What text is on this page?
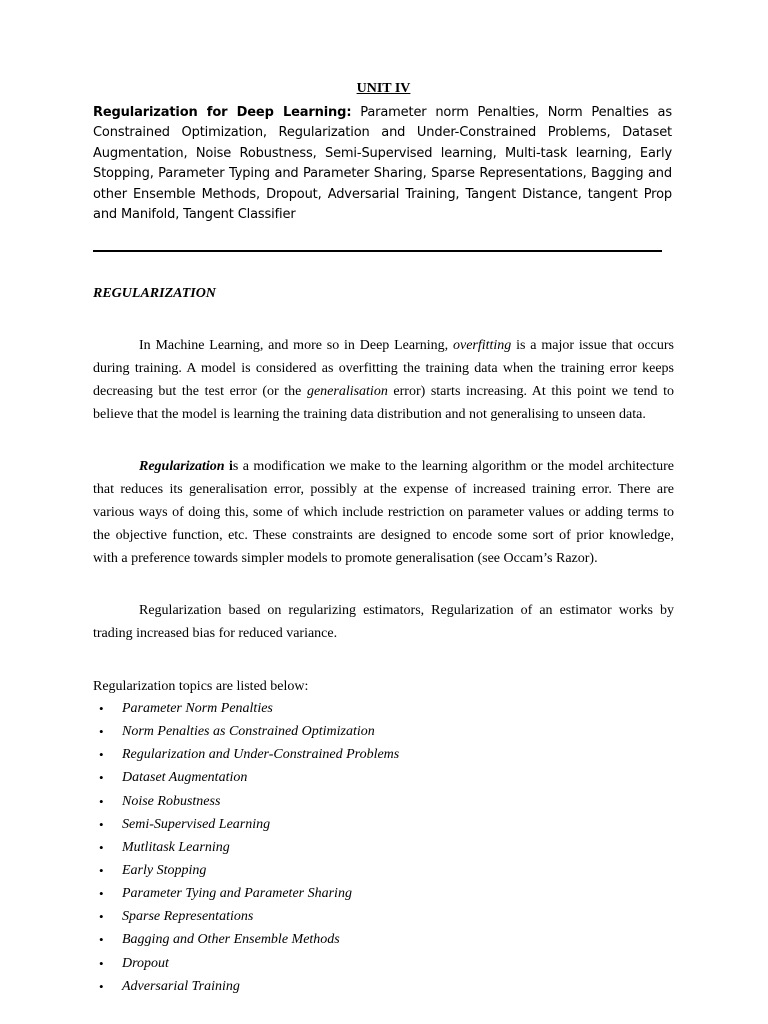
UNIT IV
Regularization for Deep Learning: Parameter norm Penalties, Norm Penalties as Constrained Optimization, Regularization and Under-Constrained Problems, Dataset Augmentation, Noise Robustness, Semi-Supervised learning, Multi-task learning, Early Stopping, Parameter Typing and Parameter Sharing, Sparse Representations, Bagging and other Ensemble Methods, Dropout, Adversarial Training, Tangent Distance, tangent Prop and Manifold, Tangent Classifier
REGULARIZATION

In Machine Learning, and more so in Deep Learning, overfitting is a major issue that occurs during training. A model is considered as overfitting the training data when the training error keeps decreasing but the test error (or the generalisation error) starts increasing. At this point we tend to believe that the model is learning the training data distribution and not generalising to unseen data.

Regularization is a modification we make to the learning algorithm or the model architecture that reduces its generalisation error, possibly at the expense of increased training error. There are various ways of doing this, some of which include restriction on parameter values or adding terms to the objective function, etc. These constraints are designed to encode some sort of prior knowledge, with a preference towards simpler models to promote generalisation (see Occam’s Razor).

Regularization based on regularizing estimators, Regularization of an estimator works by trading increased bias for reduced variance.

Regularization topics are listed below:
• Parameter Norm Penalties
• Norm Penalties as Constrained Optimization
• Regularization and Under-Constrained Problems
• Dataset Augmentation
• Noise Robustness
• Semi-Supervised Learning
• Mutlitask Learning
• Early Stopping
• Parameter Tying and Parameter Sharing
• Sparse Representations
• Bagging and Other Ensemble Methods
• Dropout
• Adversarial Training
